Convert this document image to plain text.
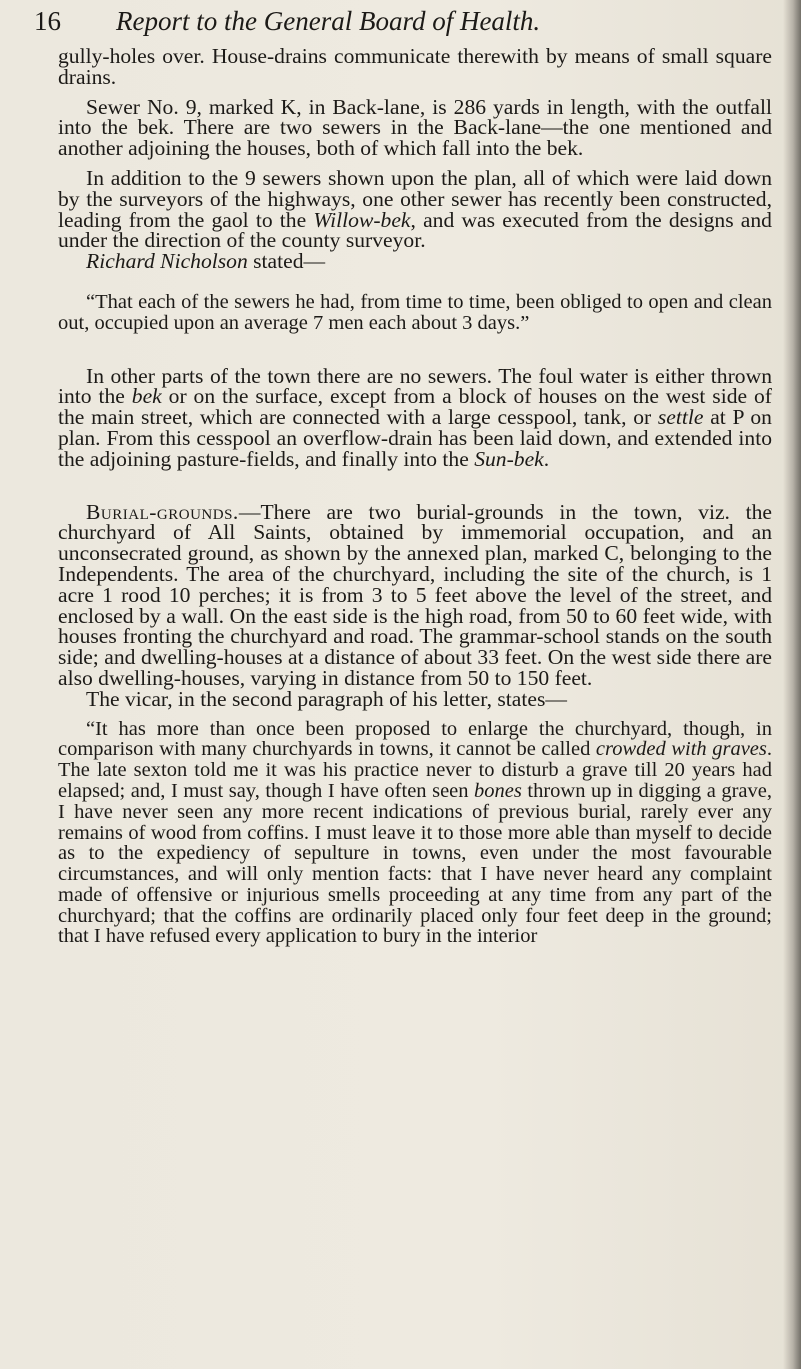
16 Report to the General Board of Health.

gully-holes over. House-drains communicate therewith by means of small square drains.

Sewer No. 9, marked K, in Back-lane, is 286 yards in length, with the outfall into the bek. There are two sewers in the Back-lane—the one mentioned and another adjoining the houses, both of which fall into the bek.

In addition to the 9 sewers shown upon the plan, all of which were laid down by the surveyors of the highways, one other sewer has recently been constructed, leading from the gaol to the Willow-bek, and was executed from the designs and under the direction of the county surveyor.

Richard Nicholson stated—

“That each of the sewers he had, from time to time, been obliged to open and clean out, occupied upon an average 7 men each about 3 days.”

In other parts of the town there are no sewers. The foul water is either thrown into the bek or on the surface, except from a block of houses on the west side of the main street, which are connected with a large cesspool, tank, or settle at P on plan. From this cesspool an overflow-drain has been laid down, and extended into the adjoining pasture-fields, and finally into the Sun-bek.

Burial-grounds.—There are two burial-grounds in the town, viz. the churchyard of All Saints, obtained by immemorial occupation, and an unconsecrated ground, as shown by the annexed plan, marked C, belonging to the Independents. The area of the churchyard, including the site of the church, is 1 acre 1 rood 10 perches; it is from 3 to 5 feet above the level of the street, and enclosed by a wall. On the east side is the high road, from 50 to 60 feet wide, with houses fronting the churchyard and road. The grammar-school stands on the south side; and dwelling-houses at a distance of about 33 feet. On the west side there are also dwelling-houses, varying in distance from 50 to 150 feet.

The vicar, in the second paragraph of his letter, states—

“It has more than once been proposed to enlarge the churchyard, though, in comparison with many churchyards in towns, it cannot be called crowded with graves. The late sexton told me it was his practice never to disturb a grave till 20 years had elapsed; and, I must say, though I have often seen bones thrown up in digging a grave, I have never seen any more recent indications of previous burial, rarely ever any remains of wood from coffins. I must leave it to those more able than myself to decide as to the expediency of sepulture in towns, even under the most favourable circumstances, and will only mention facts: that I have never heard any complaint made of offensive or injurious smells proceeding at any time from any part of the churchyard; that the coffins are ordinarily placed only four feet deep in the ground; that I have refused every application to bury in the interior
